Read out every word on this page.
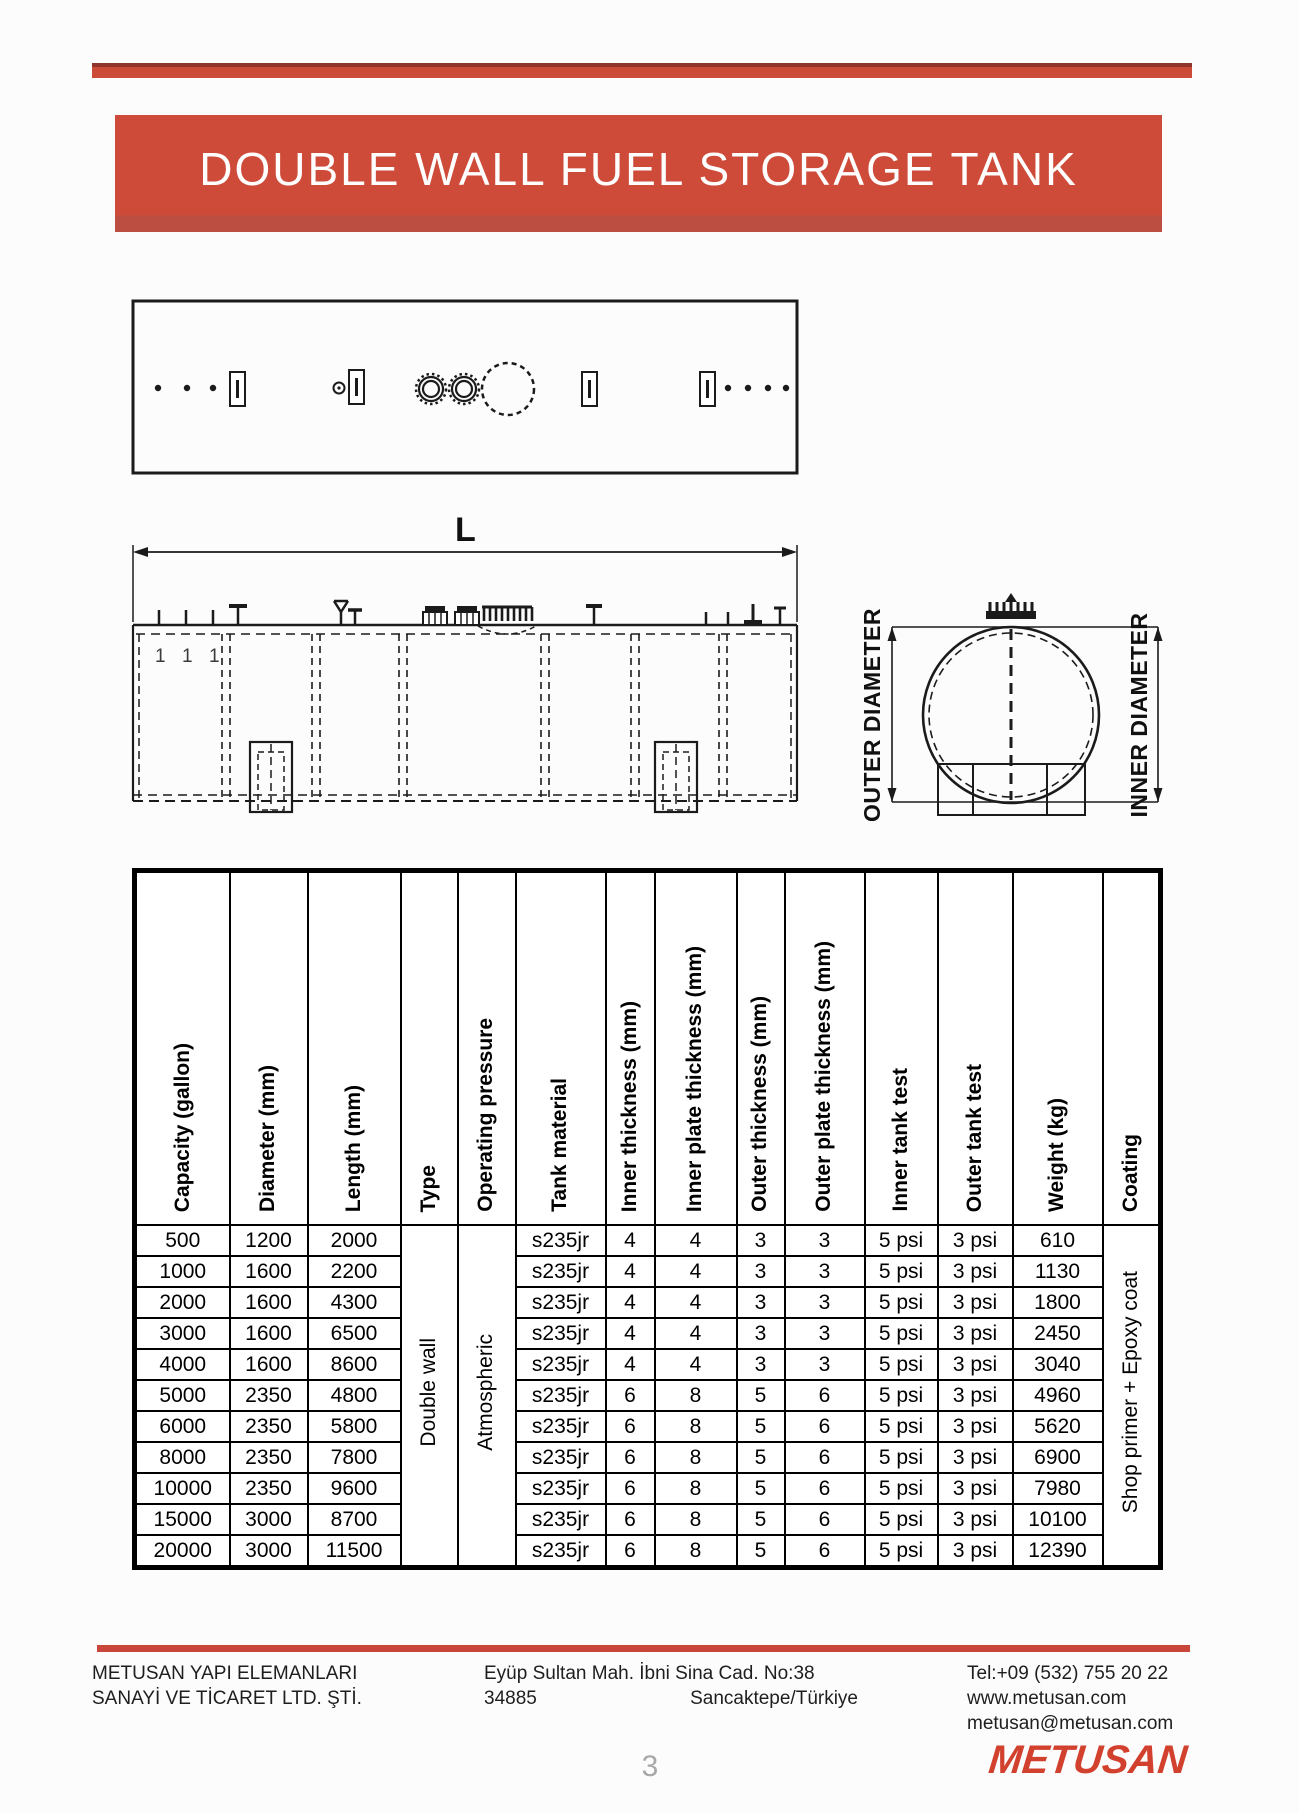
DOUBLE WALL FUEL STORAGE TANK
1 1 1
L
OUTER DIAMETER	INNER DIAMETER
Capacity (gallon)	Diameter (mm)	Length (mm)	Type	Operating pressure	Tank material	Inner thickness (mm)	Inner plate thickness (mm)	Outer thickness (mm)	Outer plate thickness (mm)	Inner tank test	Outer tank test	Weight (kg)	Coating
500	1200	2000	Double wall	Atmospheric	s235jr	4	4	3	3	5 psi	3 psi	610	Shop primer + Epoxy coat
1000	1600	2200			s235jr	4	4	3	3	5 psi	3 psi	1130	
2000	1600	4300			s235jr	4	4	3	3	5 psi	3 psi	1800	
3000	1600	6500			s235jr	4	4	3	3	5 psi	3 psi	2450	
4000	1600	8600			s235jr	4	4	3	3	5 psi	3 psi	3040	
5000	2350	4800			s235jr	6	8	5	6	5 psi	3 psi	4960	
6000	2350	5800			s235jr	6	8	5	6	5 psi	3 psi	5620	
8000	2350	7800			s235jr	6	8	5	6	5 psi	3 psi	6900	
10000	2350	9600			s235jr	6	8	5	6	5 psi	3 psi	7980	
15000	3000	8700			s235jr	6	8	5	6	5 psi	3 psi	10100	
20000	3000	11500			s235jr	6	8	5	6	5 psi	3 psi	12390	
METUSAN YAPI ELEMANLARI
SANAYİ VE TİCARET LTD. ŞTİ.
Eyüp Sultan Mah. İbni Sina Cad. No:38
34885	Sancaktepe/Türkiye
Tel:+09 (532) 755 20 22
www.metusan.com
metusan@metusan.com
3	METUSAN
